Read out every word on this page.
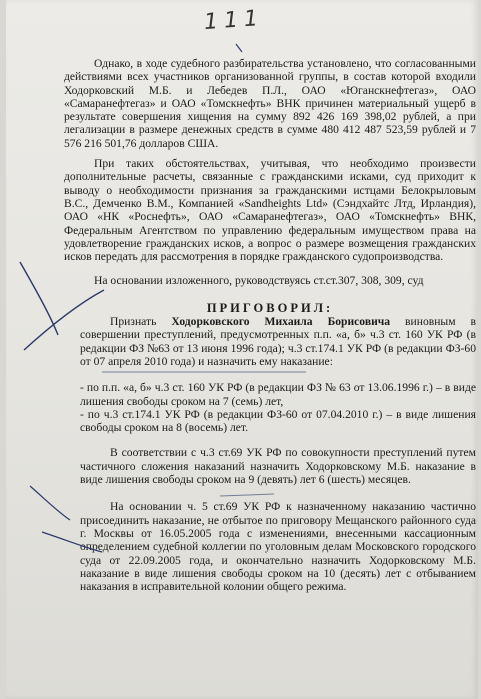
111

Однако, в ходе судебного разбирательства установлено, что согласованными действиями всех участников организованной группы, в состав которой входили Ходорковский М.Б. и Лебедев П.Л., ОАО «Юганскнефтегаз», ОАО «Самаранефтегаз» и ОАО «Томскнефть» ВНК причинен материальный ущерб в результате совершения хищения на сумму 892 426 169 398,02 рублей, а при легализации в размере денежных средств в сумме 480 412 487 523,59 рублей и 7 576 216 501,76 долларов США.

При таких обстоятельствах, учитывая, что необходимо произвести дополнительные расчеты, связанные с гражданскими исками, суд приходит к выводу о необходимости признания за гражданскими истцами Белокрыловым В.С., Демченко В.М., Компанией «Sandheights Ltd» (Сэндхайтс Лтд, Ирландия), ОАО «НК «Роснефть», ОАО «Самаранефтегаз», ОАО «Томскнефть» ВНК, Федеральным Агентством по управлению федеральным имуществом права на удовлетворение гражданских исков, а вопрос о размере возмещения гражданских исков передать для рассмотрения в порядке гражданского судопроизводства.

На основании изложенного, руководствуясь ст.ст.307, 308, 309, суд

ПРИГОВОРИЛ:

Признать Ходорковского Михаила Борисовича виновным в совершении преступлений, предусмотренных п.п. «а, б» ч.3 ст. 160 УК РФ (в редакции ФЗ №63 от 13 июня 1996 года); ч.3 ст.174.1 УК РФ (в редакции ФЗ-60 от 07 апреля 2010 года) и назначить ему наказание:

- по п.п. «а, б» ч.3 ст. 160 УК РФ (в редакции ФЗ № 63 от 13.06.1996 г.) – в виде лишения свободы сроком на 7 (семь) лет,

- по ч.3 ст.174.1 УК РФ (в редакции ФЗ-60 от 07.04.2010 г.) – в виде лишения свободы сроком на 8 (восемь) лет.

В соответствии с ч.3 ст.69 УК РФ по совокупности преступлений путем частичного сложения наказаний назначить Ходорковскому М.Б. наказание в виде лишения свободы сроком на 9 (девять) лет 6 (шесть) месяцев.

На основании ч. 5 ст.69 УК РФ к назначенному наказанию частично присоединить наказание, не отбытое по приговору Мещанского районного суда г. Москвы от 16.05.2005 года с изменениями, внесенными кассационным определением судебной коллегии по уголовным делам Московского городского суда от 22.09.2005 года, и окончательно назначить Ходорковскому М.Б. наказание в виде лишения свободы сроком на 10 (десять) лет с отбыванием наказания в исправительной колонии общего режима.
